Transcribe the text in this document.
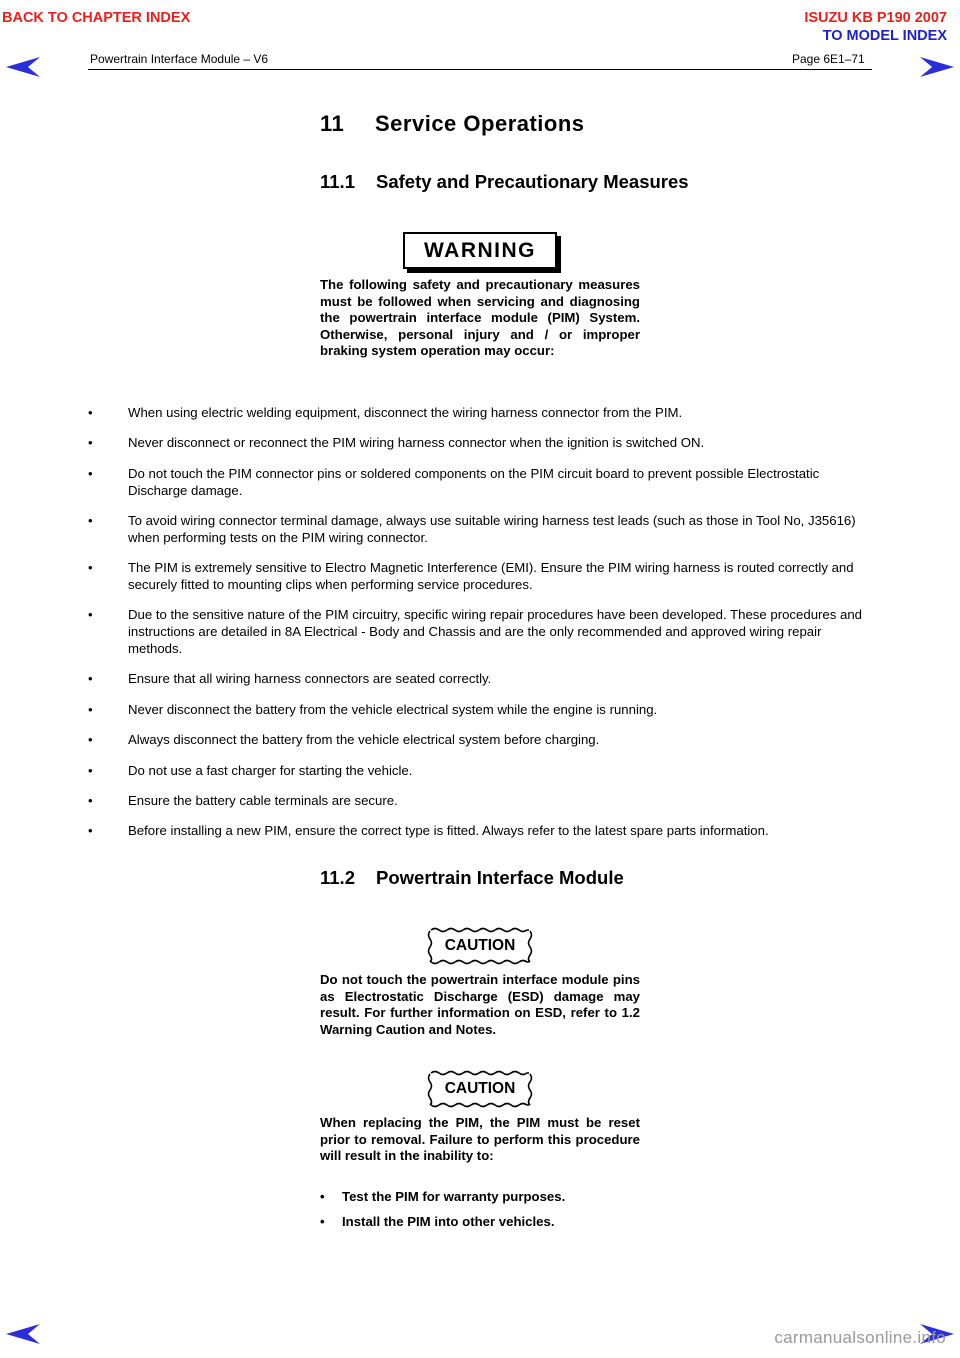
BACK TO CHAPTER INDEX	ISUZU KB P190 2007
TO MODEL INDEX
Powertrain Interface Module – V6	Page 6E1–71
11 Service Operations
11.1 Safety and Precautionary Measures
WARNING
The following safety and precautionary measures must be followed when servicing and diagnosing the powertrain interface module (PIM) System. Otherwise, personal injury and / or improper braking system operation may occur:
•	When using electric welding equipment, disconnect the wiring harness connector from the PIM.
•	Never disconnect or reconnect the PIM wiring harness connector when the ignition is switched ON.
•	Do not touch the PIM connector pins or soldered components on the PIM circuit board to prevent possible Electrostatic Discharge damage.
•	To avoid wiring connector terminal damage, always use suitable wiring harness test leads (such as those in Tool No, J35616) when performing tests on the PIM wiring connector.
•	The PIM is extremely sensitive to Electro Magnetic Interference (EMI). Ensure the PIM wiring harness is routed correctly and securely fitted to mounting clips when performing service procedures.
•	Due to the sensitive nature of the PIM circuitry, specific wiring repair procedures have been developed. These procedures and instructions are detailed in 8A Electrical - Body and Chassis and are the only recommended and approved wiring repair methods.
•	Ensure that all wiring harness connectors are seated correctly.
•	Never disconnect the battery from the vehicle electrical system while the engine is running.
•	Always disconnect the battery from the vehicle electrical system before charging.
•	Do not use a fast charger for starting the vehicle.
•	Ensure the battery cable terminals are secure.
•	Before installing a new PIM, ensure the correct type is fitted. Always refer to the latest spare parts information.
11.2 Powertrain Interface Module
CAUTION
Do not touch the powertrain interface module pins as Electrostatic Discharge (ESD) damage may result. For further information on ESD, refer to 1.2          Warning Caution and Notes.
CAUTION
When replacing the PIM, the PIM must be reset prior to removal. Failure to perform this procedure will result in the inability to:
• Test the PIM for warranty purposes.
• Install the PIM into other vehicles.
carmanualsonline.info
